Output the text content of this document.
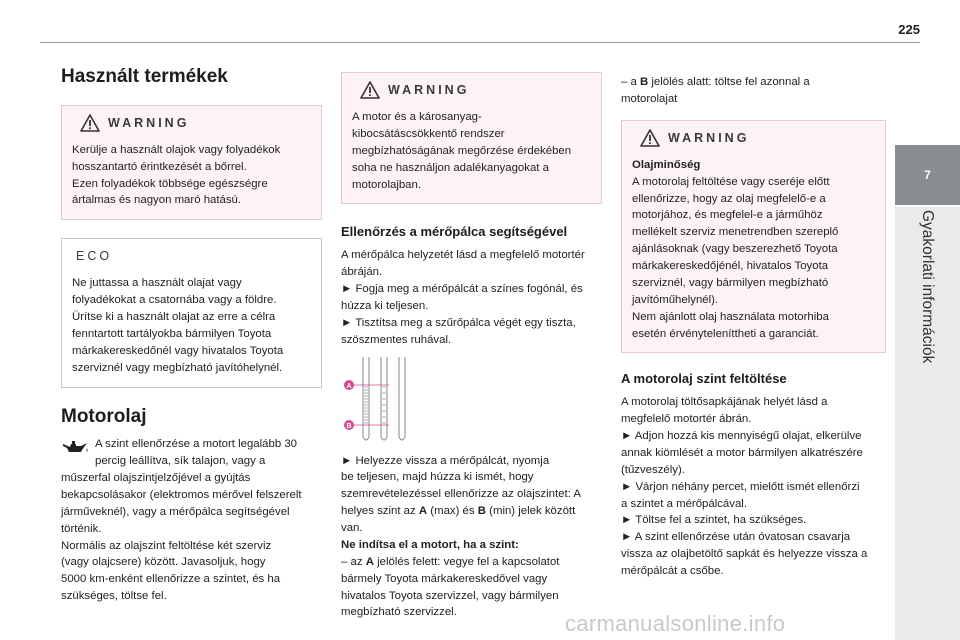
225
7
Gyakorlati információk
Használt termékek
WARNING
Kerülje a használt olajok vagy folyadékok
hosszantartó érintkezését a bőrrel.
Ezen folyadékok többsége egészségre
ártalmas és nagyon maró hatású.
ECO
Ne juttassa a használt olajat vagy
folyadékokat a csatornába vagy a földre.
Ürítse ki a használt olajat az erre a célra
fenntartott tartályokba bármilyen Toyota
márkakereskedőnél vagy hivatalos Toyota
szerviznél vagy megbízható javítóhelynél.
Motorolaj
A szint ellenőrzése a motort legalább 30
percig leállítva, sík talajon, vagy a
műszerfal olajszintjelzőjével a gyújtás
bekapcsolásakor (elektromos mérővel felszerelt
járműveknél), vagy a mérőpálca segítségével
történik.
Normális az olajszint feltöltése két szerviz
(vagy olajcsere) között. Javasoljuk, hogy
5000 km-enként ellenőrizze a szintet, és ha
szükséges, töltse fel.
WARNING
A motor és a károsanyag-
kibocsátáscsökkentő rendszer
megbízhatóságának megőrzése érdekében
soha ne használjon adalékanyagokat a
motorolajban.
Ellenőrzés a mérőpálca segítségével
A mérőpálca helyzetét lásd a megfelelő motortér
ábráján.
► Fogja meg a mérőpálcát a színes fogónál, és
húzza ki teljesen.
► Tisztítsa meg a szűrőpálca végét egy tiszta,
szöszmentes ruhával.
A
B
► Helyezze vissza a mérőpálcát, nyomja
be teljesen, majd húzza ki ismét, hogy
szemrevételezéssel ellenőrizze az olajszintet: A
helyes szint az A (max) és B (min) jelek között
van.
Ne indítsa el a motort, ha a szint:
– az A jelölés felett: vegye fel a kapcsolatot
bármely Toyota márkakereskedővel vagy
hivatalos Toyota szervizzel, vagy bármilyen
megbízható szervizzel.
– a B jelölés alatt: töltse fel azonnal a
motorolajat
WARNING
Olajminőség
A motorolaj feltöltése vagy cseréje előtt
ellenőrizze, hogy az olaj megfelelő-e a
motorjához, és megfelel-e a járműhöz
mellékelt szerviz menetrendben szereplő
ajánlásoknak (vagy beszerezhető Toyota
márkakereskedőjénél, hivatalos Toyota
szerviznél, vagy bármilyen megbízható
javítóműhelynél).
Nem ajánlott olaj használata motorhiba
esetén érvényteleníttheti a garanciát.
A motorolaj szint feltöltése
A motorolaj töltősapkájának helyét lásd a
megfelelő motortér ábrán.
► Adjon hozzá kis mennyiségű olajat, elkerülve
annak kiömlését a motor bármilyen alkatrészére
(tűzveszély).
► Várjon néhány percet, mielőtt ismét ellenőrzi
a szintet a mérőpálcával.
► Töltse fel a szintet, ha szükséges.
► A szint ellenőrzése után óvatosan csavarja
vissza az olajbetöltő sapkát és helyezze vissza a
mérőpálcát a csőbe.
carmanualsonline.info
